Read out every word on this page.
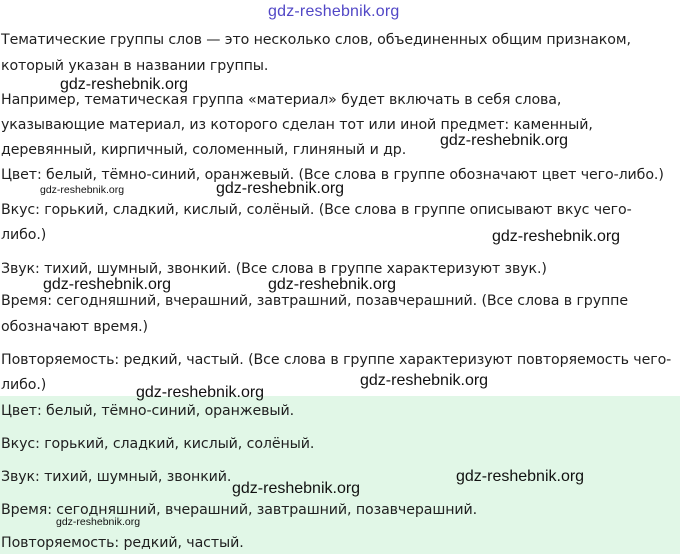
Тематические группы слов — это несколько слов, объединенных общим признаком,
который указан в названии группы.
Например, тематическая группа «материал» будет включать в себя слова,
указывающие материал, из которого сделан тот или иной предмет: каменный,
деревянный, кирпичный, соломенный, глиняный и др.
Цвет: белый, тёмно-синий, оранжевый. (Все слова в группе обозначают цвет чего-либо.)
Вкус: горький, сладкий, кислый, солёный. (Все слова в группе описывают вкус чего-
либо.)
Звук: тихий, шумный, звонкий. (Все слова в группе характеризуют звук.)
Время: сегодняшний, вчерашний, завтрашний, позавчерашний. (Все слова в группе
обозначают время.)
Повторяемость: редкий, частый. (Все слова в группе характеризуют повторяемость чего-
либо.)
Цвет: белый, тёмно-синий, оранжевый.
Вкус: горький, сладкий, кислый, солёный.
Звук: тихий, шумный, звонкий.
Время: сегодняшний, вчерашний, завтрашний, позавчерашний.
Повторяемость: редкий, частый.
gdz-reshebnik.org
gdz-reshebnik.org
gdz-reshebnik.org
gdz-reshebnik.org	gdz-reshebnik.org
gdz-reshebnik.org
gdz-reshebnik.org	gdz-reshebnik.org
gdz-reshebnik.org
gdz-reshebnik.org
gdz-reshebnik.org
gdz-reshebnik.org
gdz-reshebnik.org
